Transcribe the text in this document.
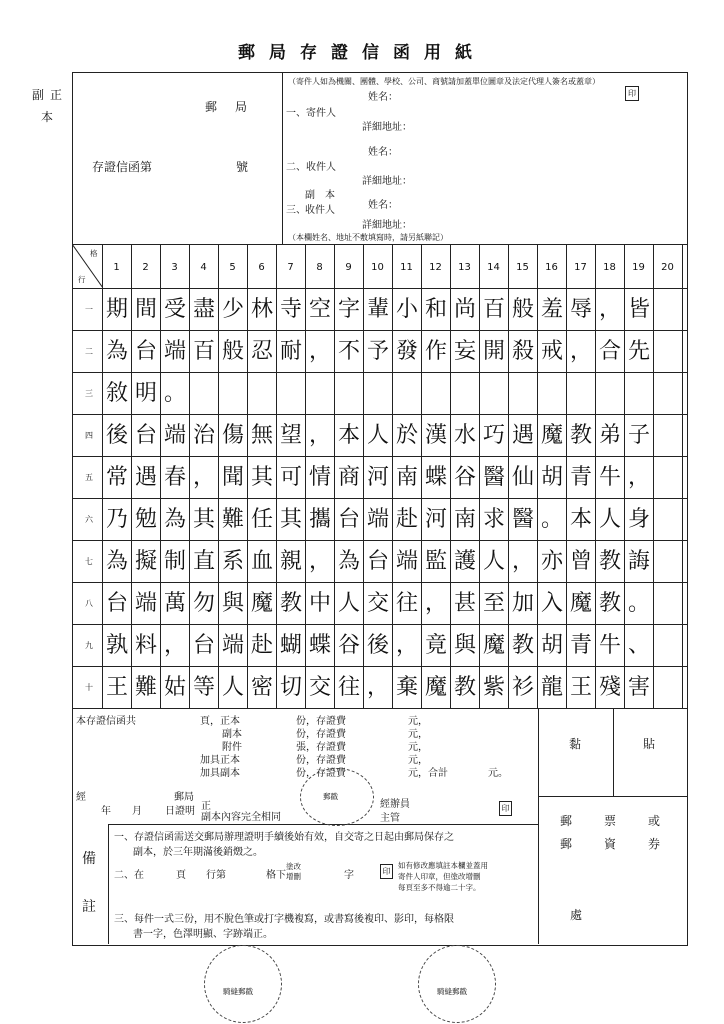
郵局存證信函用紙
副 正
本
郵　局
存證信函第	號
（寄件人如為機關、團體、學校、公司、商號請加蓋單位圖章及法定代理人簽名或蓋章）
一、寄件人
姓名：
詳細地址：
印
二、收件人
姓名：
詳細地址：
副　本
三、 收件人	姓名：
詳細地址：
（本欄姓名、地址不敷填寫時，請另紙聯記）
格
行
1	2	3	4	5	6	7	8	9	10	11	12	13	14	15	16	17	18	19	20
一 期間受盡少林寺空字輩小和尚百般羞辱，皆
二 為台端百般忍耐，不予發作妄開殺戒，合先
三 敘明。
四 後台端治傷無望，本人於漢水巧遇魔教弟子
五 常遇春，聞其可情商河南蝶谷醫仙胡青牛，
六 乃勉為其難任其攜台端赴河南求醫。本人身
七 為擬制直系血親，為台端監護人，亦曾教誨
八 台端萬勿與魔教中人交往，甚至加入魔教。
九 孰料，台端赴蝴蝶谷後，竟與魔教胡青牛、
十 王難姑等人密切交往，棄魔教紫衫龍王殘害
本存證信函共	頁，正本	份，存證費	元，
副本	份，存證費	元，
附件	張，存證費	元，
加具正本	份，存證費	元，
加具副本	份，存證費	元，合計	元。
經	郵局
年 月 日證明 正
副本內容完全相同
郵戳
經辦員
主管
印
黏	貼
郵	票	或
郵	資	券
處
備
註
一、存證信函需送交郵局辦理證明手續後始有效，自交寄之日起由郵局保存之
副本，於三年期滿後銷燬之。
二、在	頁 行第	格下
塗改
增刪	字	印
如有修改應填註本欄並蓋用
寄件人印章，但塗改增刪
每頁至多不得逾二十字。
三、每件一式三份，用不脫色筆或打字機複寫，或書寫後複印、影印，每格限
書一字，色澤明顯、字跡端正。
騎縫郵戳	騎縫郵戳
